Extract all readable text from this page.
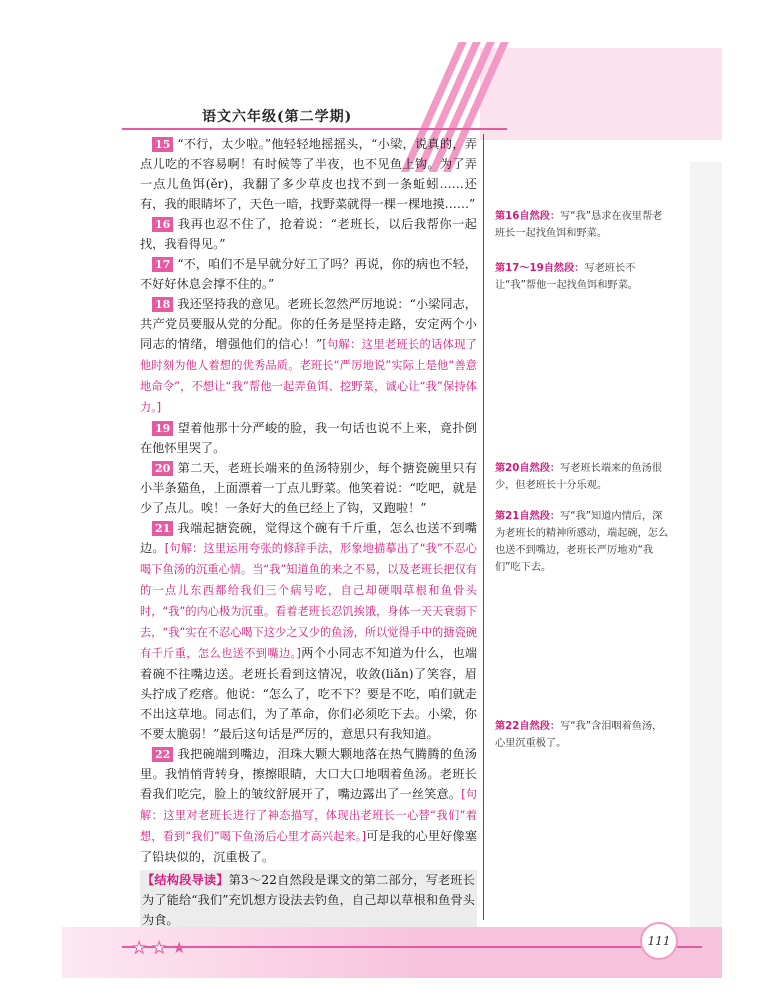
语文六年级(第二学期)

15 “不行，太少啦。”他轻轻地摇摇头，“小梁，说真的，弄点儿吃的不容易啊！有时候等了半夜，也不见鱼上钩。为了弄一点儿鱼饵(ěr)，我翻了多少草皮也找不到一条蚯蚓……还有，我的眼睛坏了，天色一暗，找野菜就得一棵一棵地摸……”

16 我再也忍不住了，抢着说：“老班长，以后我帮你一起找，我看得见。”

17 “不，咱们不是早就分好工了吗？再说，你的病也不轻，不好好休息会撑不住的。”

18 我还坚持我的意见。老班长忽然严厉地说：“小梁同志，共产党员要服从党的分配。你的任务是坚持走路，安定两个小同志的情绪，增强他们的信心！”[句解：这里老班长的话体现了他时刻为他人着想的优秀品质。老班长“严厉地说”实际上是他“善意地命令”，不想让“我”帮他一起弄鱼饵、挖野菜，诚心让“我”保持体力。]

19 望着他那十分严峻的脸，我一句话也说不上来，竟扑倒在他怀里哭了。

20 第二天，老班长端来的鱼汤特别少，每个搪瓷碗里只有小半条猫鱼，上面漂着一丁点儿野菜。他笑着说：“吃吧，就是少了点儿。唉！一条好大的鱼已经上了钩，又跑啦！”

21 我端起搪瓷碗，觉得这个碗有千斤重，怎么也送不到嘴边。[句解：这里运用夸张的修辞手法，形象地描摹出了“我”不忍心喝下鱼汤的沉重心情。当“我”知道鱼的来之不易，以及老班长把仅有的一点儿东西都给我们三个病号吃，自己却硬咽草根和鱼骨头时，“我”的内心极为沉重。看着老班长忍饥挨饿，身体一天天衰弱下去，“我”实在不忍心喝下这少之又少的鱼汤，所以觉得手中的搪瓷碗有千斤重，怎么也送不到嘴边。]两个小同志不知道为什么，也端着碗不往嘴边送。老班长看到这情况，收敛(liǎn)了笑容，眉头拧成了疙瘩。他说：“怎么了，吃不下？要是不吃，咱们就走不出这草地。同志们，为了革命，你们必须吃下去。小梁，你不要太脆弱！”最后这句话是严厉的，意思只有我知道。

22 我把碗端到嘴边，泪珠大颗大颗地落在热气腾腾的鱼汤里。我悄悄背转身，擦擦眼睛，大口大口地咽着鱼汤。老班长看我们吃完，脸上的皱纹舒展开了，嘴边露出了一丝笑意。[句解：这里对老班长进行了神态描写，体现出老班长一心替“我们”着想，看到“我们”喝下鱼汤后心里才高兴起来。]可是我的心里好像塞了铅块似的，沉重极了。

【结构段导读】第3～22自然段是课文的第二部分，写老班长为了能给“我们”充饥想方设法去钓鱼，自己却以草根和鱼骨头为食。

第16自然段：写“我”恳求在夜里帮老班长一起找鱼饵和野菜。
第17～19自然段：写老班长不让“我”帮他一起找鱼饵和野菜。
第20自然段：写老班长端来的鱼汤很少，但老班长十分乐观。
第21自然段：写“我”知道内情后，深为老班长的精神所感动，端起碗，怎么也送不到嘴边，老班长严厉地劝“我们”吃下去。
第22自然段：写“我”含泪咽着鱼汤，心里沉重极了。
★ ★ ★	111
